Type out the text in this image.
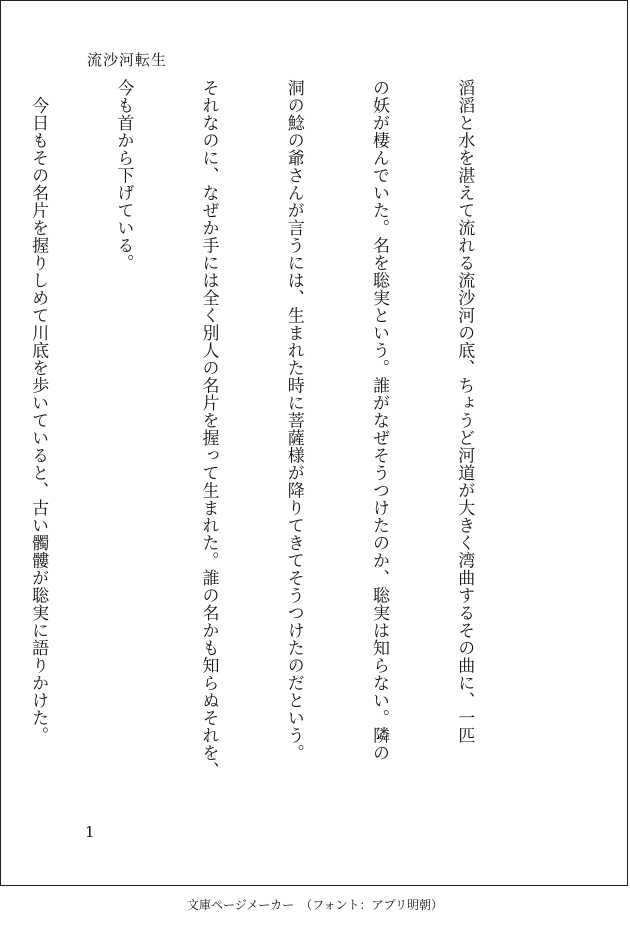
流沙河転生

滔滔と水を湛えて流れる流沙河の底、ちょうど河道が大きく湾曲するその曲に、一匹

の妖が棲んでいた。名を聡実という。誰がなぜそうつけたのか、聡実は知らない。隣の

洞の鯰の爺さんが言うには、生まれた時に菩薩様が降りてきてそうつけたのだという。

それなのに、なぜか手には全く別人の名片を握って生まれた。誰の名かも知らぬそれを、

今も首から下げている。

　今日もその名片を握りしめて川底を歩いていると、古い髑髏が聡実に語りかけた。

1
文庫ページメーカー　（フォント：アプリ明朝）
